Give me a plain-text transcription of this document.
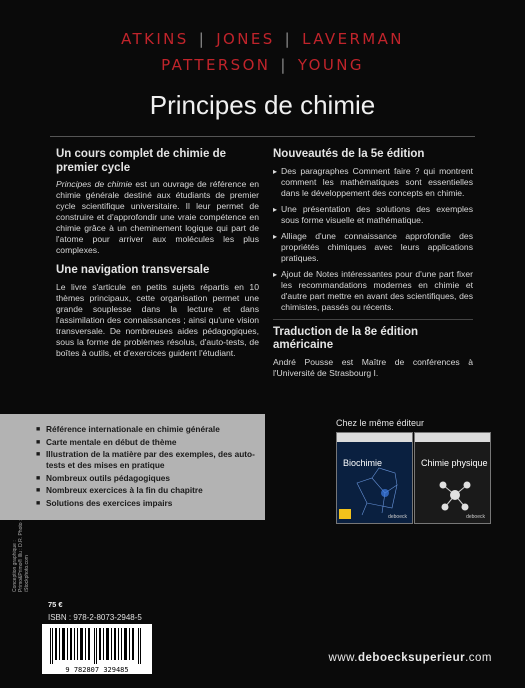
ATKINS | JONES | LAVERMAN
PATTERSON | YOUNG
Principes de chimie
Un cours complet de chimie de premier cycle

Principes de chimie est un ouvrage de référence en chimie générale destiné aux étudiants de premier cycle scientifique universitaire. Il leur permet de construire et d'approfondir une vraie compétence en chimie grâce à un cheminement logique qui part de l'atome pour arriver aux molécules les plus complexes.

Une navigation transversale

Le livre s'articule en petits sujets répartis en 10 thèmes principaux, cette organisation permet une grande souplesse dans la lecture et dans l'assimilation des connaissances ; ainsi qu'une vision transversale. De nombreuses aides pédagogiques, sous la forme de problèmes résolus, d'auto-tests, de boîtes à outils, et d'exercices guident l'étudiant.

Nouveautés de la 5e édition
▸ Des paragraphes Comment faire ? qui montrent comment les mathématiques sont essentielles dans le développement des concepts en chimie.
▸ Une présentation des solutions des exemples sous forme visuelle et mathématique.
▸ Alliage d'une connaissance approfondie des propriétés chimiques avec leurs applications pratiques.
▸ Ajout de Notes intéressantes pour d'une part fixer les recommandations modernes en chimie et d'autre part mettre en avant des scientifiques, des chimistes, passés ou récents.
Traduction de la 8e édition américaine

André Pousse est Maître de conférences à l'Université de Strasbourg I.

■ Référence internationale en chimie générale
■ Carte mentale en début de thème
■ Illustration de la matière par des exemples, des auto-tests et des mises en pratique
■ Nombreux outils pédagogiques
■ Nombreux exercices à la fin du chapitre
■ Solutions des exercices impairs
Chez le même éditeur
Biochimie
deboeck
Chimie physique
deboeck
Conception graphique : Primo&Primo® Illu : D.R. Photo : iStockphoto.com
75 €
ISBN : 978-2-8073-2948-5
9 782807 329485
www.deboecksuperieur.com
